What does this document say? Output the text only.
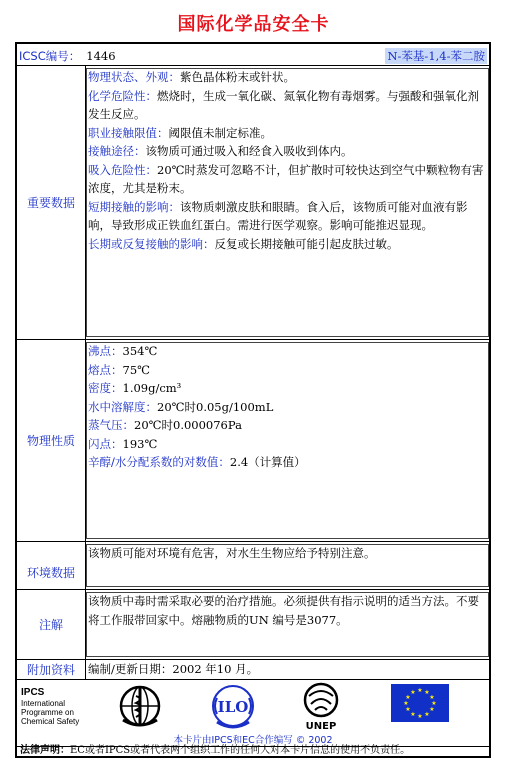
国际化学品安全卡
ICSC编号： 1446	N-苯基-1,4-苯二胺
重要数据
物理状态、外观：紫色晶体粉末或针状。
化学危险性：燃烧时，生成一氧化碳、氮氧化物有毒烟雾。与强酸和强氧化剂发生反应。
职业接触限值：阈限值未制定标准。
接触途径：该物质可通过吸入和经食入吸收到体内。
吸入危险性：20℃时蒸发可忽略不计，但扩散时可较快达到空气中颗粒物有害浓度，尤其是粉末。
短期接触的影响：该物质刺激皮肤和眼睛。食入后，该物质可能对血液有影响，导致形成正铁血红蛋白。需进行医学观察。影响可能推迟显现。
长期或反复接触的影响：反复或长期接触可能引起皮肤过敏。
物理性质
沸点：354℃
熔点：75℃
密度：1.09g/cm³
水中溶解度：20℃时0.05g/100mL
蒸气压：20℃时0.000076Pa
闪点：193℃
辛醇/水分配系数的对数值：2.4（计算值）
环境数据
该物质可能对环境有危害，对水生生物应给予特别注意。
注解
该物质中毒时需采取必要的治疗措施。必须提供有指示说明的适当方法。不要将工作服带回家中。熔融物质的UN 编号是3077。
附加资料	编制/更新日期：2002 年10 月。
IPCS
International
Programme on
Chemical Safety
ILO
UNEP
★ ★
★
★
★
★
★
★
★
★
★
★
本卡片由IPCS和EC合作编写 © 2002
法律声明：EC或者IPCS或者代表两个组织工作的任何人对本卡片信息的使用不负责任。
